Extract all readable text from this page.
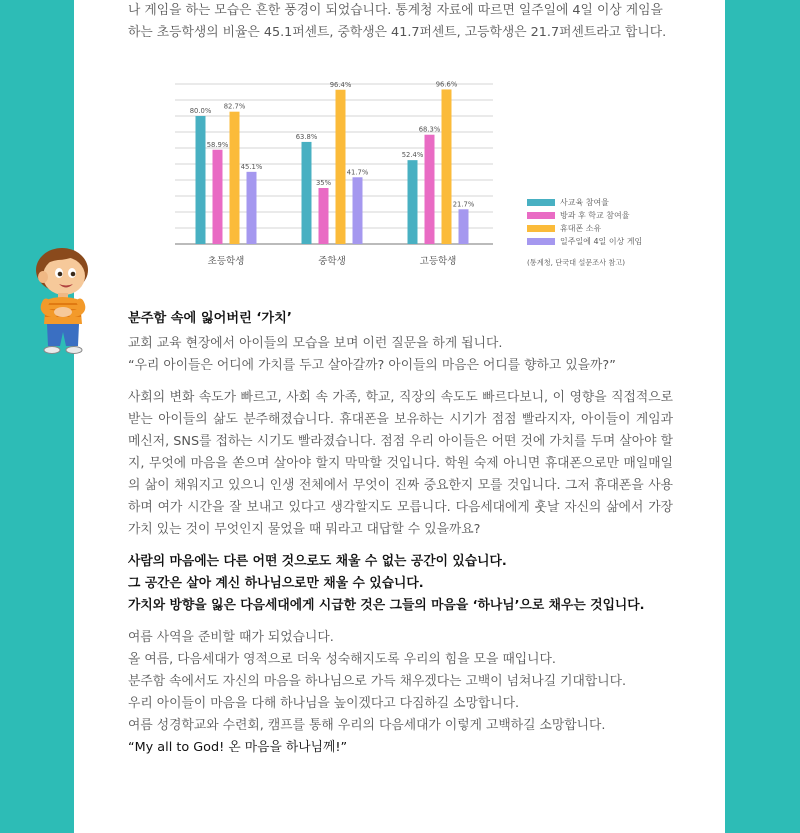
나 게임을 하는 모습은 흔한 풍경이 되었습니다. 통계청 자료에 따르면 일주일에 4일 이상 게임을

하는 초등학생의 비율은 45.1퍼센트, 중학생은 41.7퍼센트, 고등학생은 21.7퍼센트라고 합니다.

80.0%
58.9%
82.7%
45.1%
초등학생
63.8%
35%
96.4%
41.7%
중학생
52.4%
68.3%
96.6%
21.7%
고등학생
사교육 참여율
방과 후 학교 참여율
휴대폰 소유
일주일에 4일 이상 게임
(통계청, 단국대 설문조사 참고)

분주함 속에 잃어버린 ‘가치’

교회 교육 현장에서 아이들의 모습을 보며 이런 질문을 하게 됩니다.

“우리 아이들은 어디에 가치를 두고 살아갈까? 아이들의 마음은 어디를 향하고 있을까?”

사회의 변화 속도가 빠르고, 사회 속 가족, 학교, 직장의 속도도 빠르다보니, 이 영향을 직접적으로 받는 아이들의 삶도 분주해졌습니다. 휴대폰을 보유하는 시기가 점점 빨라지자, 아이들이 게임과 메신저, SNS를 접하는 시기도 빨라졌습니다. 점점 우리 아이들은 어떤 것에 가치를 두며 살아야 할지, 무엇에 마음을 쏟으며 살아야 할지 막막할 것입니다. 학원 숙제 아니면 휴대폰으로만 매일매일의 삶이 채워지고 있으니 인생 전체에서 무엇이 진짜 중요한지 모를 것입니다. 그저 휴대폰을 사용하며 여가 시간을 잘 보내고 있다고 생각할지도 모릅니다. 다음세대에게 훗날 자신의 삶에서 가장 가치 있는 것이 무엇인지 물었을 때 뭐라고 대답할 수 있을까요?

사람의 마음에는 다른 어떤 것으로도 채울 수 없는 공간이 있습니다.

그 공간은 살아 계신 하나님으로만 채울 수 있습니다.

가치와 방향을 잃은 다음세대에게 시급한 것은 그들의 마음을 ‘하나님’으로 채우는 것입니다.

여름 사역을 준비할 때가 되었습니다.

올 여름, 다음세대가 영적으로 더욱 성숙해지도록 우리의 힘을 모을 때입니다.

분주함 속에서도 자신의 마음을 하나님으로 가득 채우겠다는 고백이 넘쳐나길 기대합니다.

우리 아이들이 마음을 다해 하나님을 높이겠다고 다짐하길 소망합니다.

여름 성경학교와 수련회, 캠프를 통해 우리의 다음세대가 이렇게 고백하길 소망합니다.

“My all to God! 온 마음을 하나님께!”
